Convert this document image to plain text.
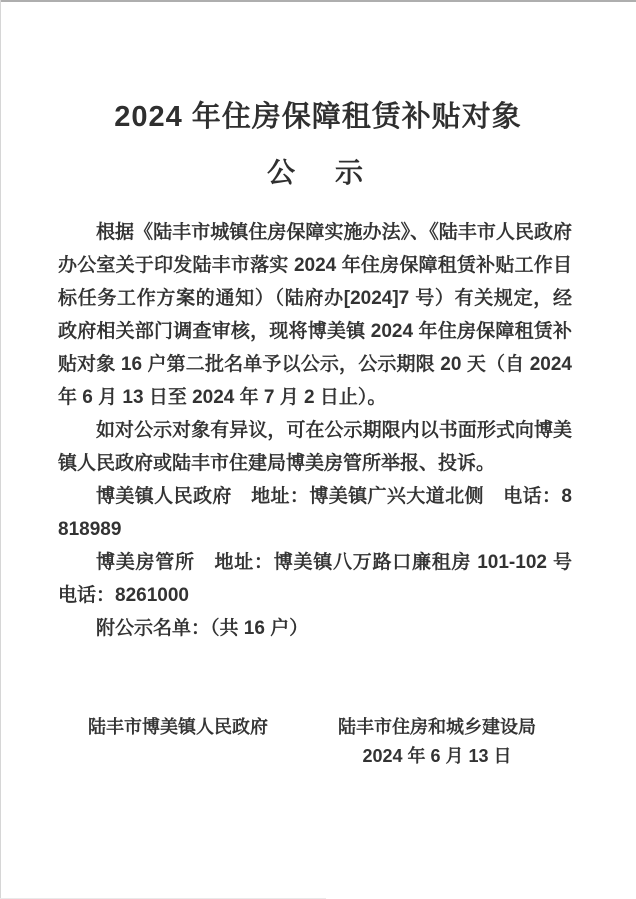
2024 年住房保障租赁补贴对象
公　示

根据《陆丰市城镇住房保障实施办法》、《陆丰市人民政府办公室关于印发陆丰市落实 2024 年住房保障租赁补贴工作目标任务工作方案的通知）（陆府办[2024]7 号）有关规定，经政府相关部门调查审核，现将博美镇 2024 年住房保障租赁补贴对象 16 户第二批名单予以公示，公示期限 20 天（自 2024 年 6 月 13 日至 2024 年 7 月 2 日止）。

如对公示对象有异议，可在公示期限内以书面形式向博美镇人民政府或陆丰市住建局博美房管所举报、投诉。

博美镇人民政府　地址：博美镇广兴大道北侧　电话：8818989

博美房管所　地址：博美镇八万路口廉租房 101-102 号　电话：8261000

附公示名单：（共 16 户）

陆丰市博美镇人民政府	陆丰市住房和城乡建设局
2024 年 6 月 13 日
